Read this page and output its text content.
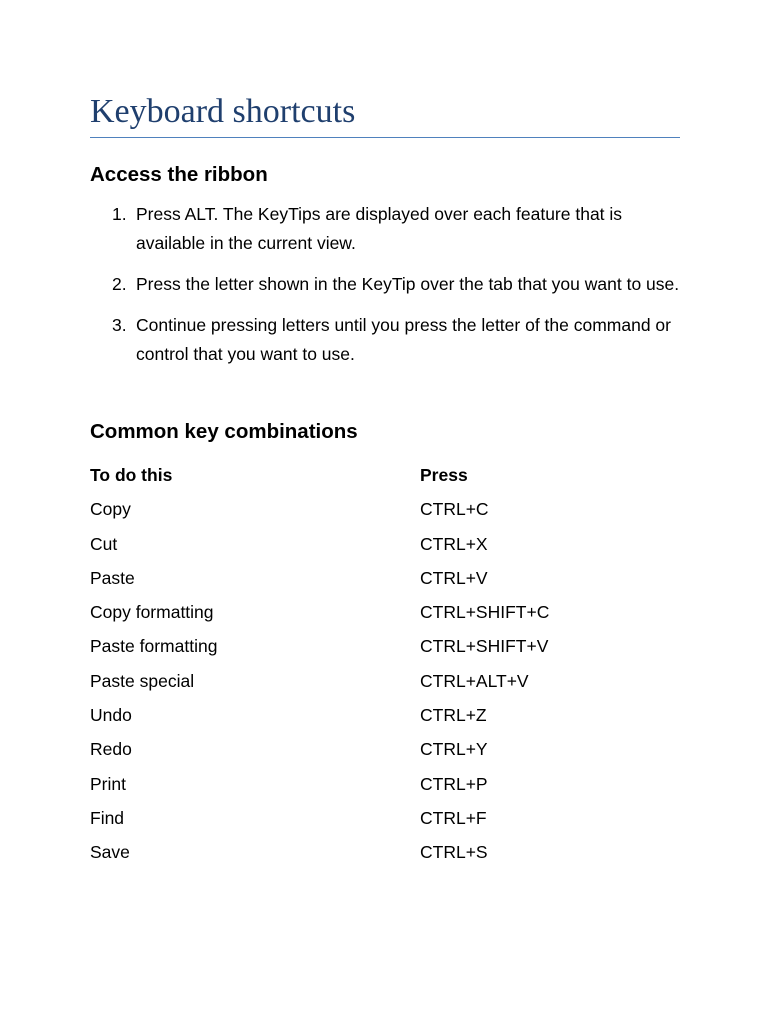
Keyboard shortcuts
Access the ribbon
1. Press ALT. The KeyTips are displayed over each feature that is available in the current view.
2. Press the letter shown in the KeyTip over the tab that you want to use.
3. Continue pressing letters until you press the letter of the command or control that you want to use.
Common key combinations
To do this	Press
Copy	CTRL+C
Cut	CTRL+X
Paste	CTRL+V
Copy formatting	CTRL+SHIFT+C
Paste formatting	CTRL+SHIFT+V
Paste special	CTRL+ALT+V
Undo	CTRL+Z
Redo	CTRL+Y
Print	CTRL+P
Find	CTRL+F
Save	CTRL+S
